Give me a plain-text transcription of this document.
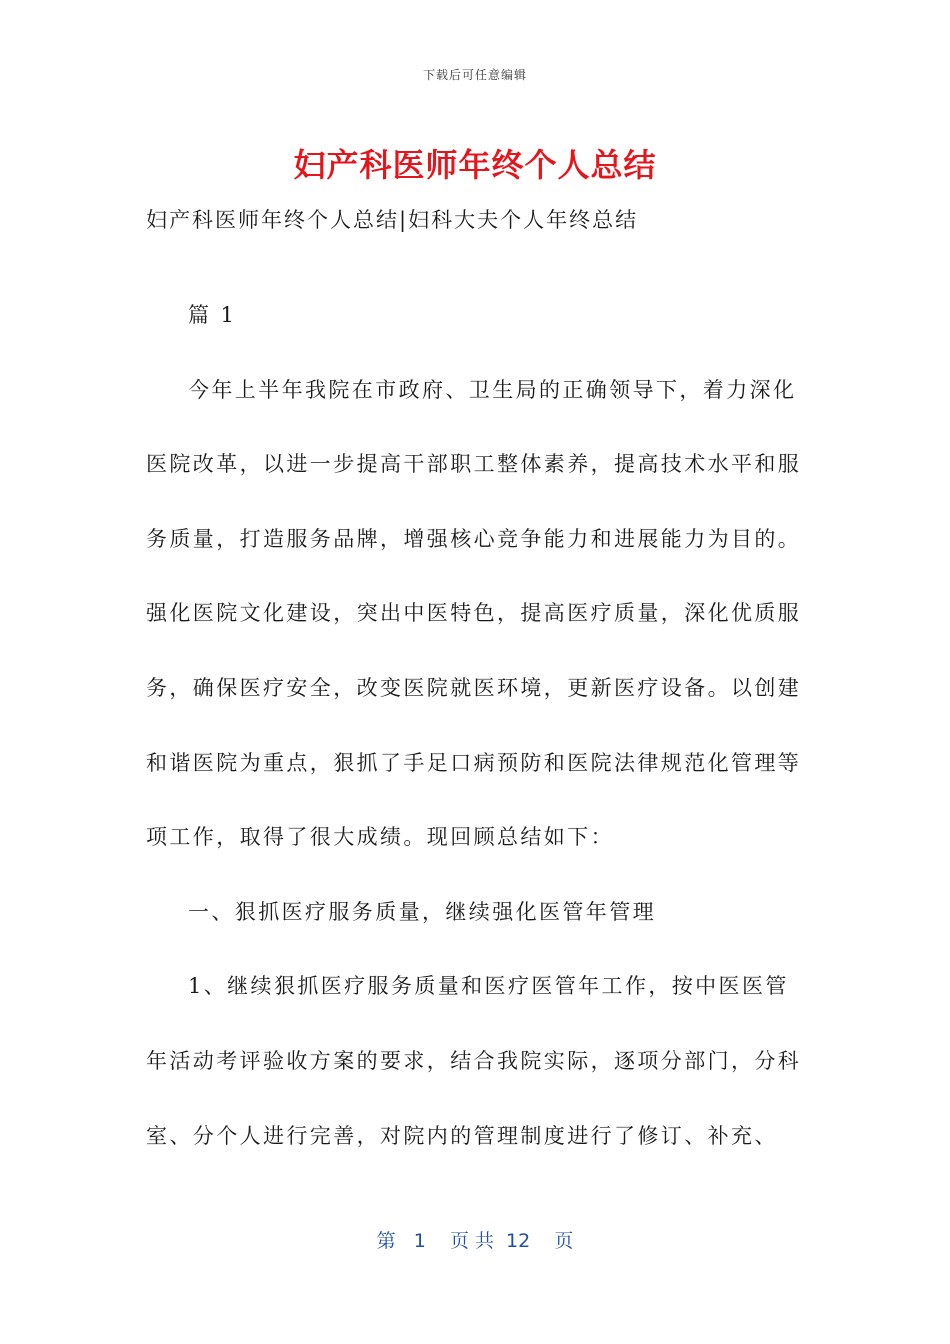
下载后可任意编辑
妇产科医师年终个人总结
妇产科医师年终个人总结|妇科大夫个人年终总结

篇 1

今年上半年我院在市政府、卫生局的正确领导下，着力深化医院改革，以进一步提高干部职工整体素养，提高技术水平和服务质量，打造服务品牌，增强核心竞争能力和进展能力为目的。强化医院文化建设，突出中医特色，提高医疗质量，深化优质服务，确保医疗安全，改变医院就医环境，更新医疗设备。以创建和谐医院为重点，狠抓了手足口病预防和医院法律规范化管理等项工作，取得了很大成绩。现回顾总结如下：

一、狠抓医疗服务质量，继续强化医管年管理

1、继续狠抓医疗服务质量和医疗医管年工作，按中医医管年活动考评验收方案的要求，结合我院实际，逐项分部门，分科室、分个人进行完善，对院内的管理制度进行了修订、补充、

第   1    页 共  12    页
